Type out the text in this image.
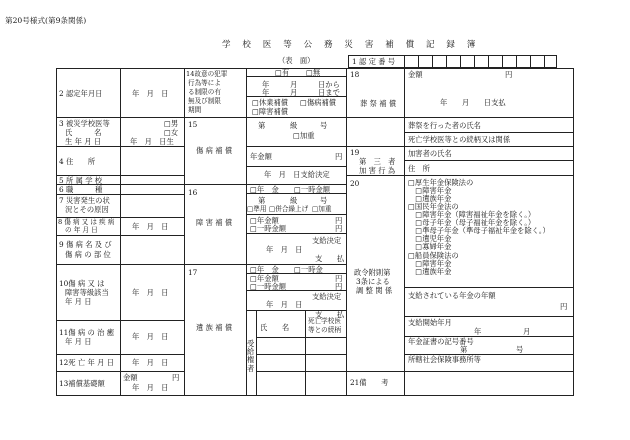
第20号様式(第9条関係)
学 校 医 等 公 務 災 害 補 償 記 録 簿
（表　面）	1 認 定 番 号
2 認定年月日	年　月　日
3 被災学校医等
氏　　　名
生 年 月 日
□男
□女
年　月　日生
4 住　　所
5 所 属 学 校
6 職　　　種
7 災害発生の状
況とその原因
8 傷 病 又 は 疾 病
の 年 月 日	年　月　日
9 傷 病 名 及 び
傷 病 の 部 位
10傷 病 又 は
障害等級該当
年 月 日
年　月　日
11傷 病 の 治 癒
年 月 日
年　月　日
12死 亡 年 月 日 年　月　日
13補償基礎額
金額	円
年　月　日
14故意の犯罪
行為等によ
る制限の有
無及び制限
期間
□有 □無
年	月	日から
年	月	日まで
□休業補償 □傷病補償
□障害補償
15
傷 病 補 償
第	級	号
□加重
年金額	円
年　月　日支給決定
16
障 害 補 償
□年　金 □一時金額
第	級	号
□準用 □併合繰上げ □加重
□年金額	円
□一時金額	円
支給決定
年　月　日
支　　払
17
遺 族 補 償
□年　金 □一時金
□年金額	円
□一時金額	円
支給決定
年　月　日
支　　払
氏　　名
死亡学校医
等との続柄
受給権者
18
葬 祭 補 償
金額	円
年　　月　　日支払
葬祭を行った者の氏名
死亡学校医等との続柄又は関係
19
第　三　者
加 害 行 為
加害者の氏名
住　所
20
政令附則第
3条による
調 整 関 係
□厚生年金保険法の
　□障害年金
　□遺族年金
□国民年金法の
　□障害年金（障害福祉年金を除く。）
　□母子年金（母子福祉年金を除く。）
　□準母子年金（準母子福祉年金を除く。）
　□遺児年金
　□寡婦年金
□船員保険法の
　□障害年金
　□遺族年金
支給されている年金の年額
円
支給開始年月
年	月
年金証書の記号番号
第	号
所轄社会保険事務所等
21備　　考
